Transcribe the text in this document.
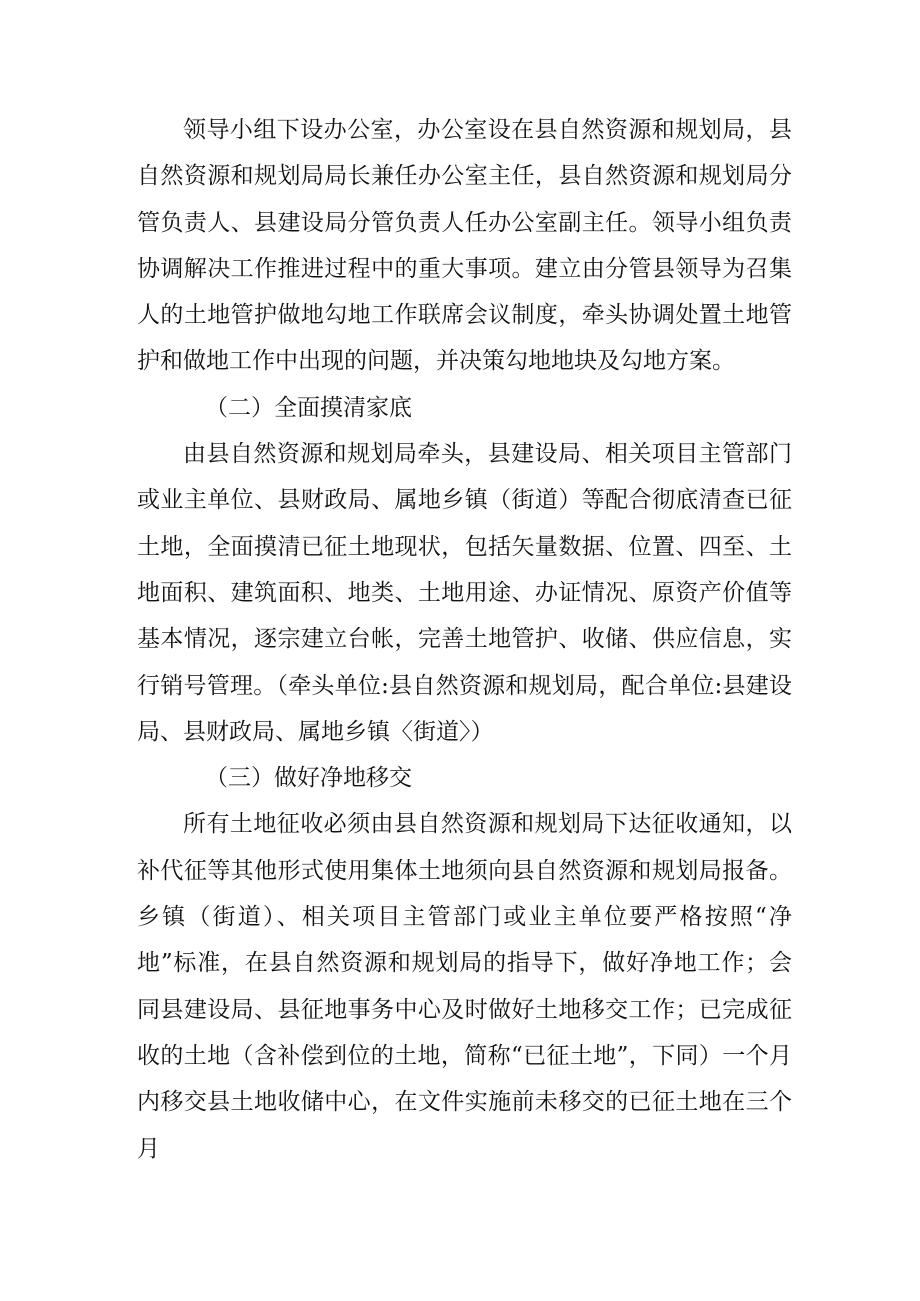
领导小组下设办公室，办公室设在县自然资源和规划局，县自然资源和规划局局长兼任办公室主任，县自然资源和规划局分管负责人、县建设局分管负责人任办公室副主任。领导小组负责协调解决工作推进过程中的重大事项。建立由分管县领导为召集人的土地管护做地勾地工作联席会议制度，牵头协调处置土地管护和做地工作中出现的问题，并决策勾地地块及勾地方案。

（二）全面摸清家底

由县自然资源和规划局牵头，县建设局、相关项目主管部门或业主单位、县财政局、属地乡镇（街道）等配合彻底清查已征土地，全面摸清已征土地现状，包括矢量数据、位置、四至、土地面积、建筑面积、地类、土地用途、办证情况、原资产价值等基本情况，逐宗建立台帐，完善土地管护、收储、供应信息，实行销号管理。（牵头单位:县自然资源和规划局，配合单位:县建设局、县财政局、属地乡镇〈街道〉）

（三）做好净地移交

所有土地征收必须由县自然资源和规划局下达征收通知，以补代征等其他形式使用集体土地须向县自然资源和规划局报备。乡镇（街道）、相关项目主管部门或业主单位要严格按照“净地”标准，在县自然资源和规划局的指导下，做好净地工作；会同县建设局、县征地事务中心及时做好土地移交工作；已完成征收的土地（含补偿到位的土地，简称“已征土地”，下同）一个月内移交县土地收储中心，在文件实施前未移交的已征土地在三个月
